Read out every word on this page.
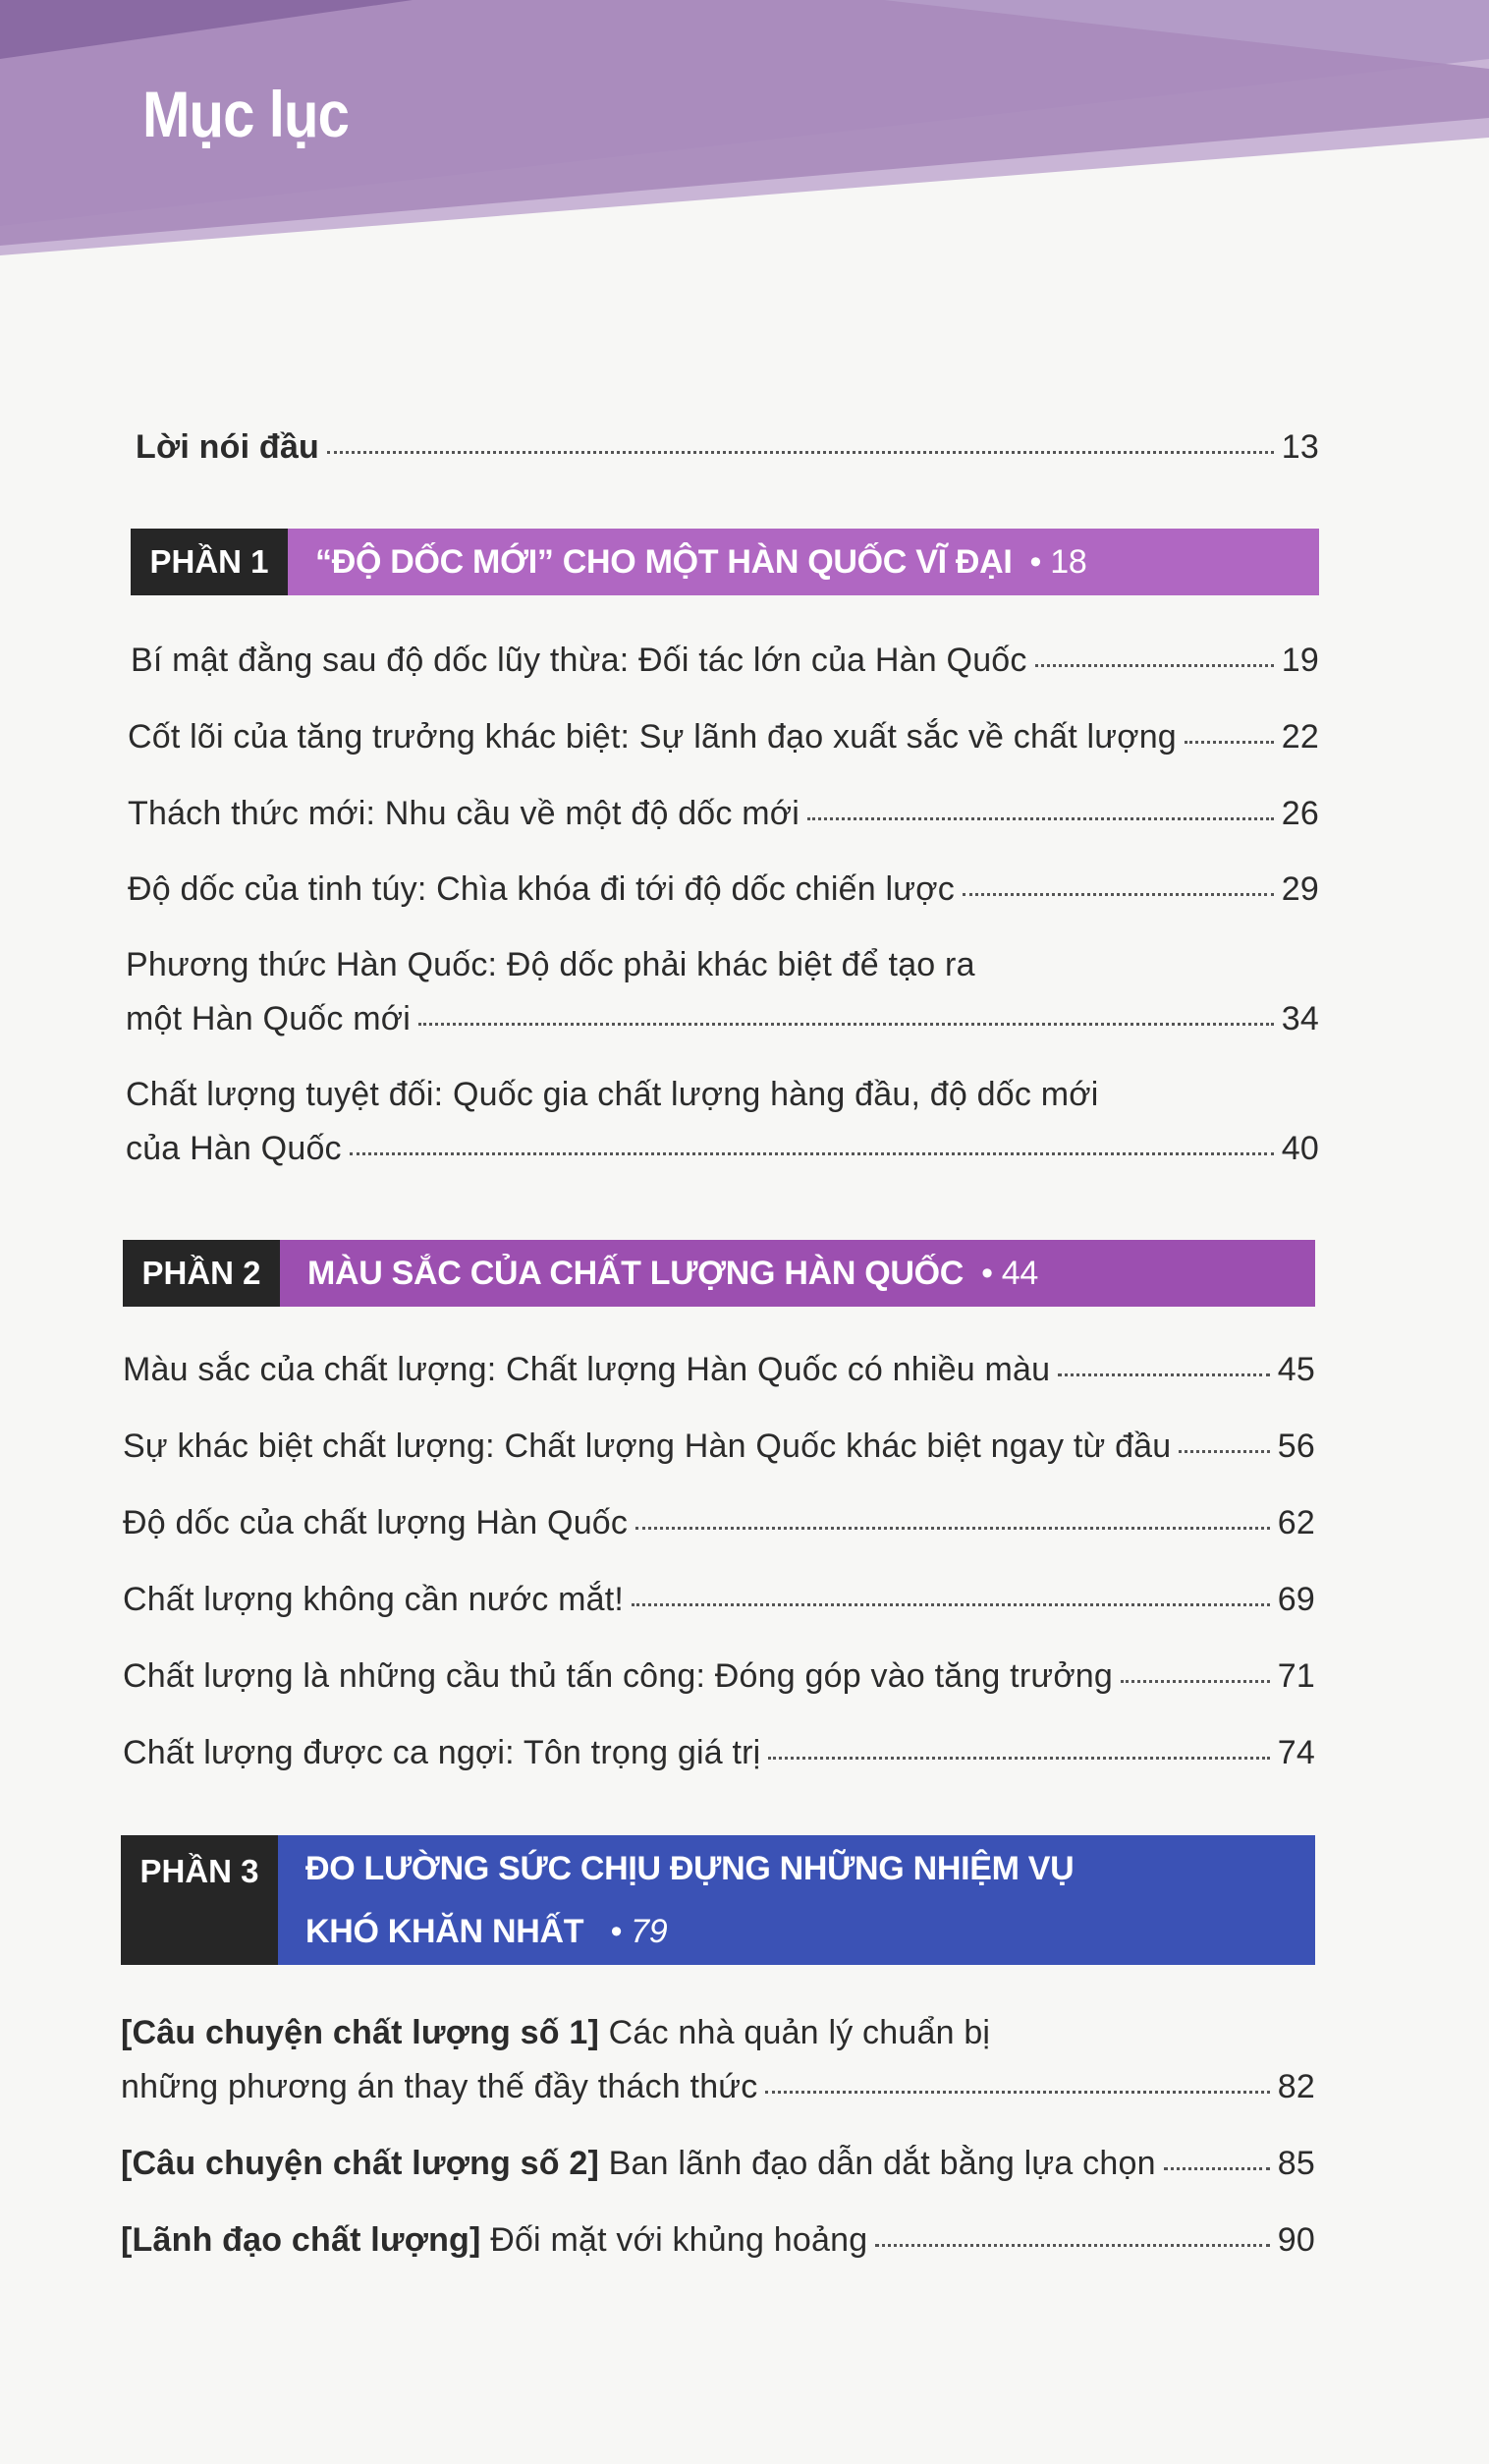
Mục lục
Lời nói đầu	13
PHẦN 1	“ĐỘ DỐC MỚI” CHO MỘT HÀN QUỐC VĨ ĐẠI • 18
Bí mật đằng sau độ dốc lũy thừa: Đối tác lớn của Hàn Quốc	19
Cốt lõi của tăng trưởng khác biệt: Sự lãnh đạo xuất sắc về chất lượng	22
Thách thức mới: Nhu cầu về một độ dốc mới	26
Độ dốc của tinh túy: Chìa khóa đi tới độ dốc chiến lược	29
Phương thức Hàn Quốc: Độ dốc phải khác biệt để tạo ra
một Hàn Quốc mới	34
Chất lượng tuyệt đối: Quốc gia chất lượng hàng đầu, độ dốc mới
của Hàn Quốc	40
PHẦN 2	MÀU SẮC CỦA CHẤT LƯỢNG HÀN QUỐC • 44
Màu sắc của chất lượng: Chất lượng Hàn Quốc có nhiều màu	45
Sự khác biệt chất lượng: Chất lượng Hàn Quốc khác biệt ngay từ đầu	56
Độ dốc của chất lượng Hàn Quốc	62
Chất lượng không cần nước mắt!	69
Chất lượng là những cầu thủ tấn công: Đóng góp vào tăng trưởng	71
Chất lượng được ca ngợi: Tôn trọng giá trị	74
PHẦN 3	ĐO LƯỜNG SỨC CHỊU ĐỰNG NHỮNG NHIỆM VỤ
KHÓ KHĂN NHẤT • 79
[Câu chuyện chất lượng số 1] Các nhà quản lý chuẩn bị
những phương án thay thế đầy thách thức	82
[Câu chuyện chất lượng số 2] Ban lãnh đạo dẫn dắt bằng lựa chọn	85
[Lãnh đạo chất lượng] Đối mặt với khủng hoảng	90
